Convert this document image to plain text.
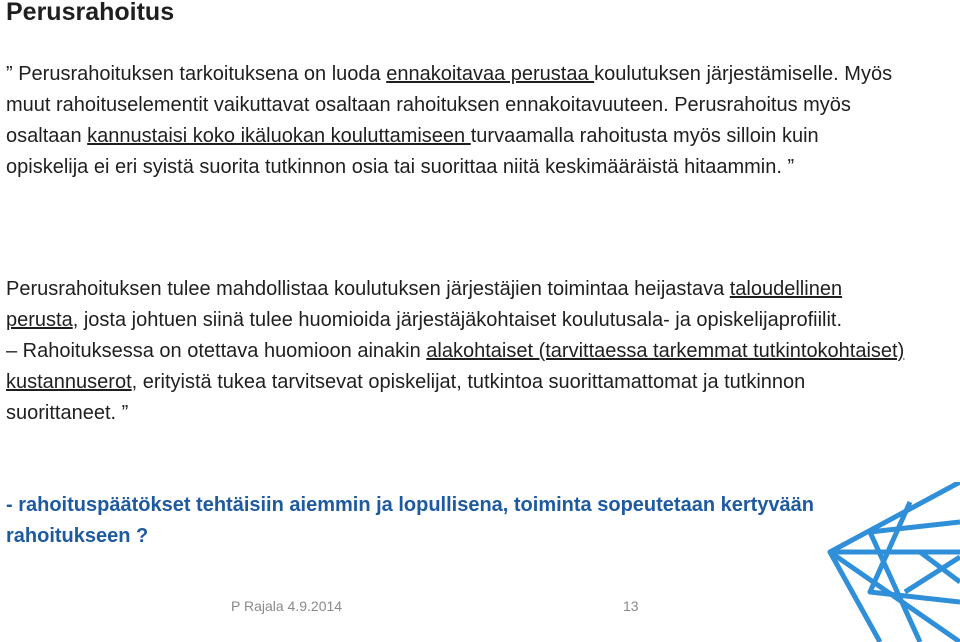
Perusrahoitus

” Perusrahoituksen tarkoituksena on luoda ennakoitavaa perustaa koulutuksen järjestämiselle. Myös muut rahoituselementit vaikuttavat osaltaan rahoituksen ennakoitavuuteen. Perusrahoitus myös osaltaan kannustaisi koko ikäluokan kouluttamiseen turvaamalla rahoitusta myös silloin kuin opiskelija ei eri syistä suorita tutkinnon osia tai suorittaa niitä keskimääräistä hitaammin. ”

Perusrahoituksen tulee mahdollistaa koulutuksen järjestäjien toimintaa heijastava taloudellinen perusta, josta johtuen siinä tulee huomioida järjestäjäkohtaiset koulutusala- ja opiskelijaprofiilit.
– Rahoituksessa on otettava huomioon ainakin alakohtaiset (tarvittaessa tarkemmat tutkintokohtaiset) kustannuserot, erityistä tukea tarvitsevat opiskelijat, tutkintoa suorittamattomat ja tutkinnon suorittaneet. ”

- rahoituspäätökset tehtäisiin aiemmin ja lopullisena, toiminta sopeutetaan kertyvään rahoitukseen ?

P Rajala 4.9.2014	13
